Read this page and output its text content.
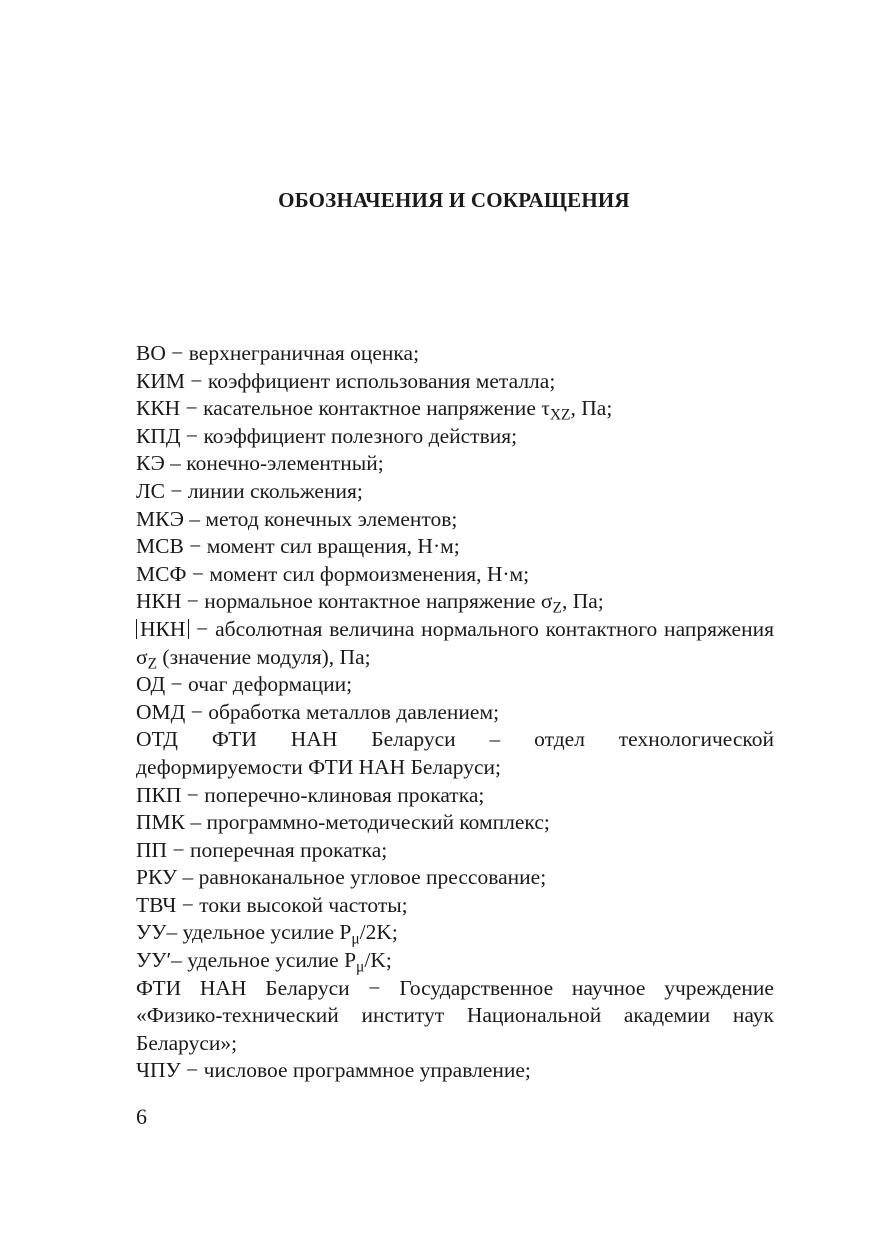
ОБОЗНАЧЕНИЯ И СОКРАЩЕНИЯ
ВО − верхнеграничная оценка;
КИМ − коэффициент использования металла;
ККН − касательное контактное напряжение $\tau_{XZ}$, Па;
КПД − коэффициент полезного действия;
КЭ – конечно-элементный;
ЛС − линии скольжения;
МКЭ – метод конечных элементов;
МСВ − момент сил вращения, Н·м;
МСФ − момент сил формоизменения, Н·м;
НКН − нормальное контактное напряжение $\sigma_Z$, Па;
НКН − абсолютная величина нормального контактного напряжения $\sigma_Z$ (значение модуля), Па;
ОД − очаг деформации;
ОМД − обработка металлов давлением;
ОТД ФТИ НАН Беларуси – отдел технологической деформируемости ФТИ НАН Беларуси;
ПКП − поперечно-клиновая прокатка;
ПМК – программно-методический комплекс;
ПП − поперечная прокатка;
РКУ – равноканальное угловое прессование;
ТВЧ − токи высокой частоты;
УУ– удельное усилие $P_\mu/2K$;
УУ′– удельное усилие $P_\mu/K$;
ФТИ НАН Беларуси − Государственное научное учреждение «Физико-технический институт Национальной академии наук Беларуси»;
ЧПУ − числовое программное управление;

6
